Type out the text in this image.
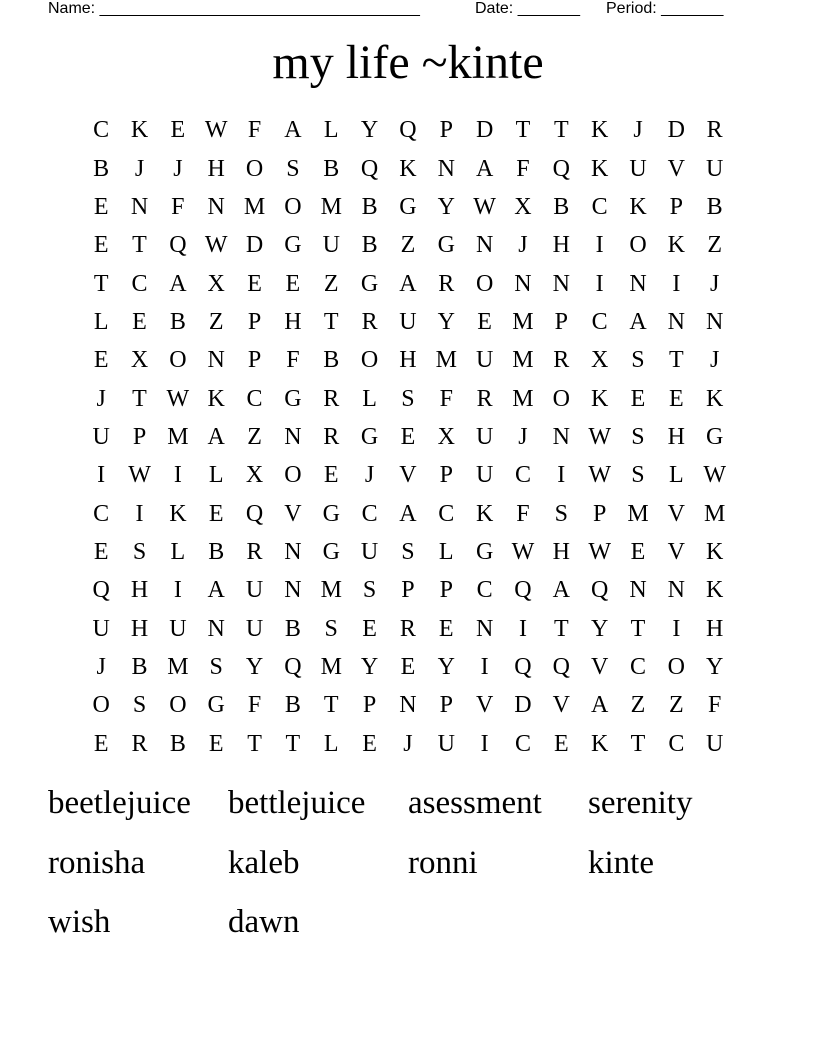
Name: ____________________________________

	Date: _______

Period: _______

my life ~kinte
C K E W F A L Y Q P D T T K	J	D R
B	J	J	H O S B Q K N A F Q K U V U
E N F N M O M B G Y W X B C K P B
E T Q W D G U B Z G N	J	H	I	O K Z
T C A X E E Z G A R O N N	I	N	I	J
L E B Z	P H T R U Y E M P C A N N
E X O N P	F B O H M U M R X S	T	J
J	T W K C G R L	S	F R M O K E E K
U P M A Z N R G E X U	J	N W S H G
I W I	L X O E	J	V P U C	I W S	L W
C	I	K E Q V G C A C K F	S	P M V M
E	S	L B R N G U S	L G W H W E V K
Q H	I	A U N M S	P	P C Q A Q N N K
U H U N U B S	E R E N	I	T Y T	I	H
J	B M S Y Q M Y E Y	I	Q Q V C O Y
O S O G F B T	P N P V D V A Z Z	F
E R B E T T L E	J	U	I	C E K T C U
beetlejuice	bettlejuice	asessment	serenity
ronisha	kaleb	ronni	kinte
wish	dawn
